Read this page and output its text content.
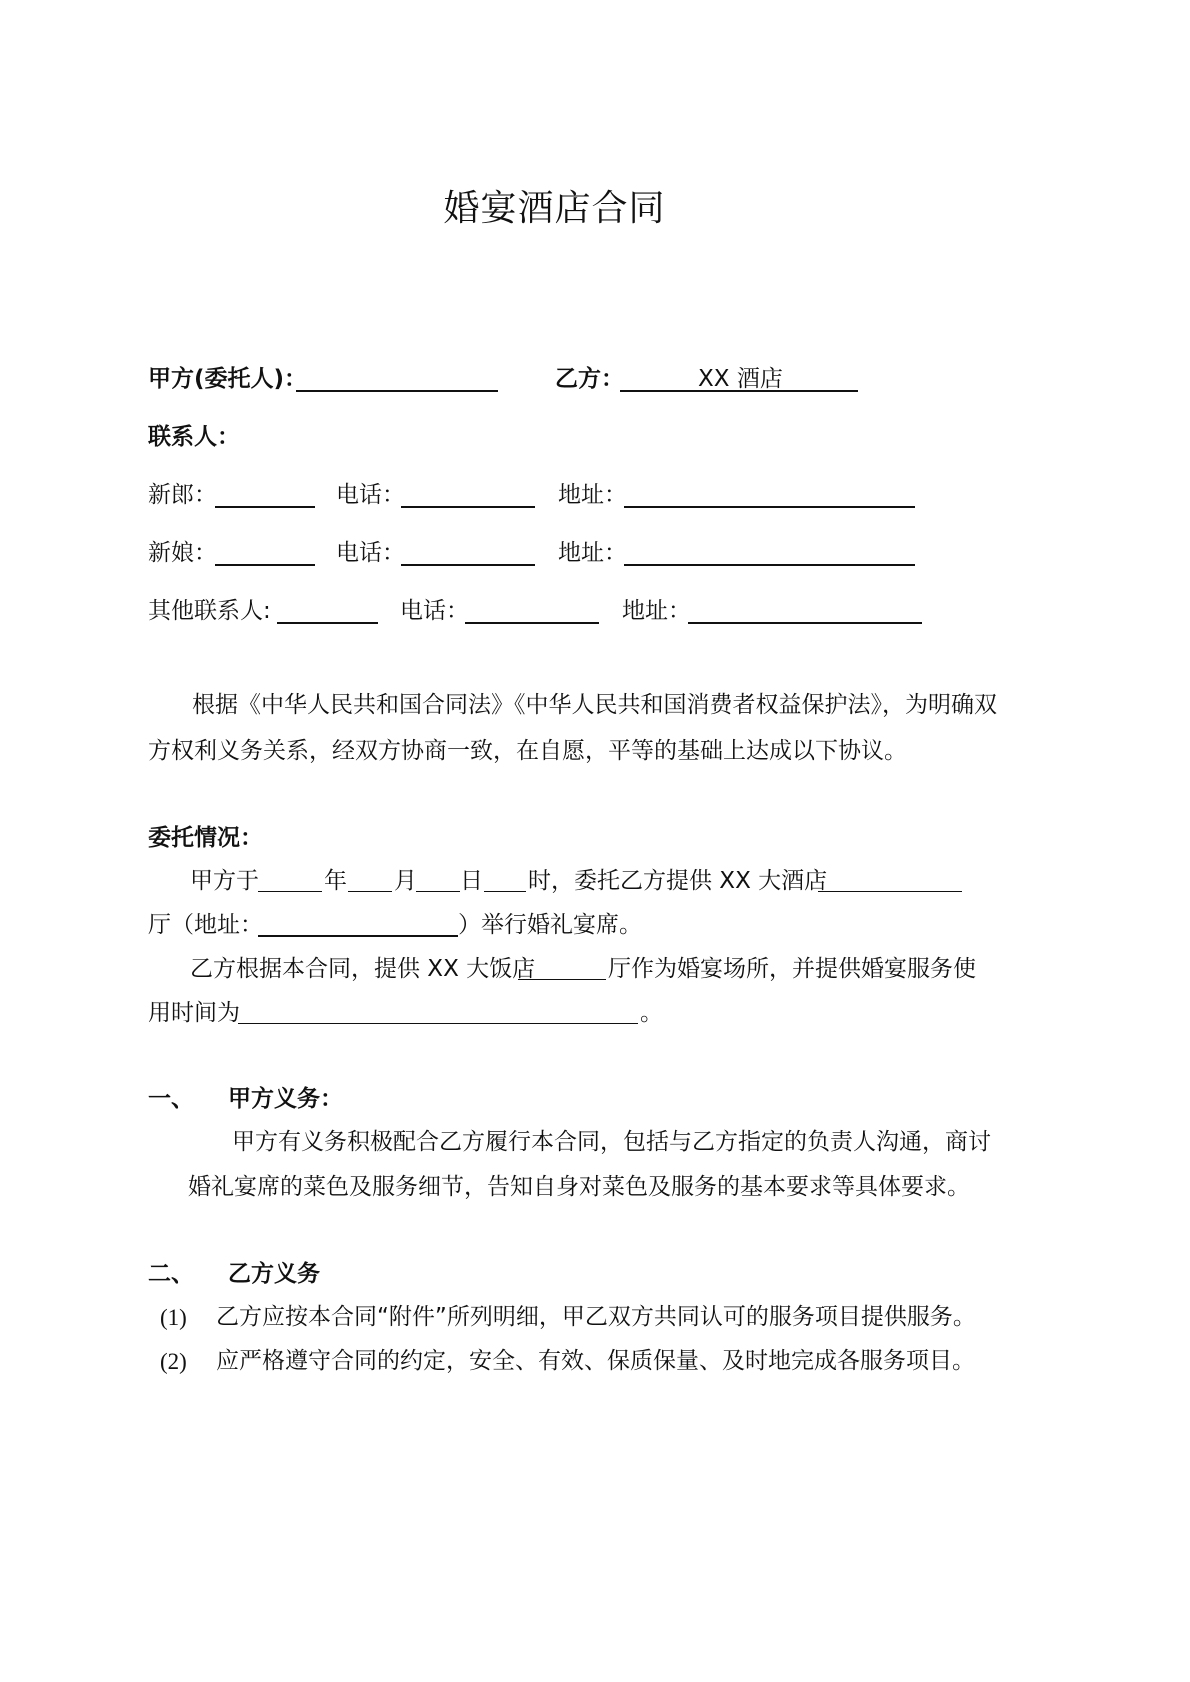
婚宴酒店合同
甲方(委托人)：	乙方：	XX 酒店
联系人：
新郎：	电话：	地址：
新娘：	电话：	地址：
其他联系人:	电话：	地址：
根据《中华人民共和国合同法》《中华人民共和国消费者权益保护法》，为明确双
方权利义务关系，经双方协商一致，在自愿，平等的基础上达成以下协议。
委托情况：
甲方于	年 月 日 时，委托乙方提供 XX 大酒店
厅（地址：	）举行婚礼宴席。
乙方根据本合同，提供 XX 大饭店	厅作为婚宴场所，并提供婚宴服务使
用时间为	。
一、 甲方义务：
甲方有义务积极配合乙方履行本合同，包括与乙方指定的负责人沟通，商讨
婚礼宴席的菜色及服务细节，告知自身对菜色及服务的基本要求等具体要求。
二、 乙方义务
(1) 乙方应按本合同“附件”所列明细，甲乙双方共同认可的服务项目提供服务。
(2) 应严格遵守合同的约定，安全、有效、保质保量、及时地完成各服务项目。
